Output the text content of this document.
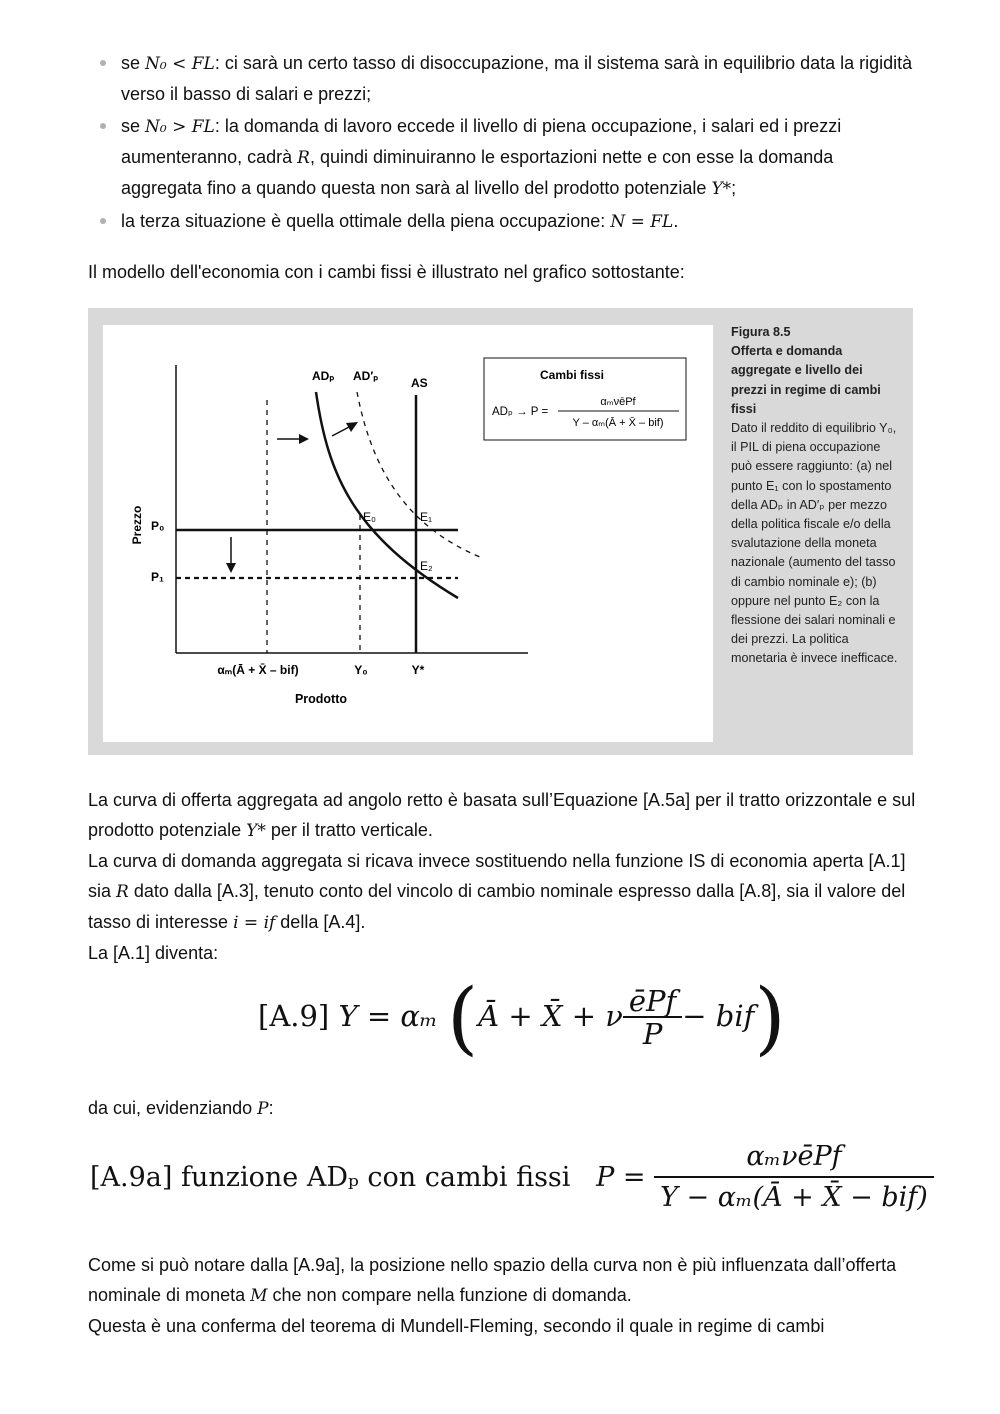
se N₀ < FL: ci sarà un certo tasso di disoccupazione, ma il sistema sarà in equilibrio data la rigidità verso il basso di salari e prezzi;
se N₀ > FL: la domanda di lavoro eccede il livello di piena occupazione, i salari ed i prezzi aumenteranno, cadrà R, quindi diminuiranno le esportazioni nette e con esse la domanda aggregata fino a quando questa non sarà al livello del prodotto potenziale Y*;
la terza situazione è quella ottimale della piena occupazione: N = FL.

Il modello dell'economia con i cambi fissi è illustrato nel grafico sottostante:

Prezzo
Prodotto
P₀
P₁
ADₚ AD′ₚ	AS
E₀	E₁
E₂
αₘ(Ā + X̄ – bif)	Y₀	Y*
Cambi fissi
ADₚ → P =
αₘνēPf
Y – αₘ(Ā + X̄ – bif)
Figura 8.5
Offerta e domanda aggregate e livello dei prezzi in regime di cambi fissi
Dato il reddito di equilibrio Y₀, il PIL di piena occupazione può essere raggiunto: (a) nel punto E₁ con lo spostamento della ADₚ in AD′ₚ per mezzo della politica fiscale e/o della svalutazione della moneta nazionale (aumento del tasso di cambio nominale e); (b) oppure nel punto E₂ con la flessione dei salari nominali e dei prezzi. La politica monetaria è invece inefficace.

La curva di offerta aggregata ad angolo retto è basata sull’Equazione [A.5a] per il tratto orizzontale e sul prodotto potenziale Y* per il tratto verticale.
La curva di domanda aggregata si ricava invece sostituendo nella funzione IS di economia aperta [A.1] sia R dato dalla [A.3], tenuto conto del vincolo di cambio nominale espresso dalla [A.8], sia il valore del tasso di interesse i = if della [A.4].
La [A.1] diventa:

[A.9] Y = αₘ (Ā + X̄ + ν $\frac{\text{ēPf}}{P} - bif$)

da cui, evidenziando P:

[A.9a] funzione ADₚ con cambi fissi $P = \frac{\text{αₘνēPf}}{\text{Y − αₘ(Ā + X̄ − bif)}}$

Come si può notare dalla [A.9a], la posizione nello spazio della curva non è più influenzata dall’offerta nominale di moneta M che non compare nella funzione di domanda.
Questa è una conferma del teorema di Mundell-Fleming, secondo il quale in regime di cambi
